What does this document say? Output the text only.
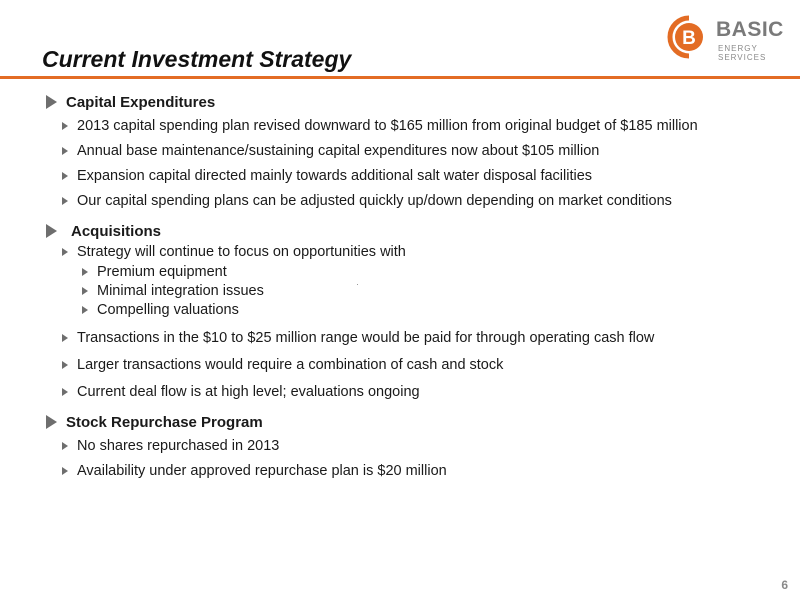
Current Investment Strategy
B BASIC
ENERGY SERVICES
Capital Expenditures
2013 capital spending plan revised downward to $165 million from original budget of $185 million
Annual base maintenance/sustaining capital expenditures now about $105 million
Expansion capital directed mainly towards additional salt water disposal facilities
Our capital spending plans can be adjusted quickly up/down depending on market conditions
Acquisitions
Strategy will continue to focus on opportunities with
Premium equipment
Minimal integration issues
Compelling valuations
Transactions in the $10 to $25 million range would be paid for through operating cash flow
Larger transactions would require a combination of cash and stock
Current deal flow is at high level; evaluations ongoing
Stock Repurchase Program
No shares repurchased in 2013
Availability under approved repurchase plan is $20 million
6
